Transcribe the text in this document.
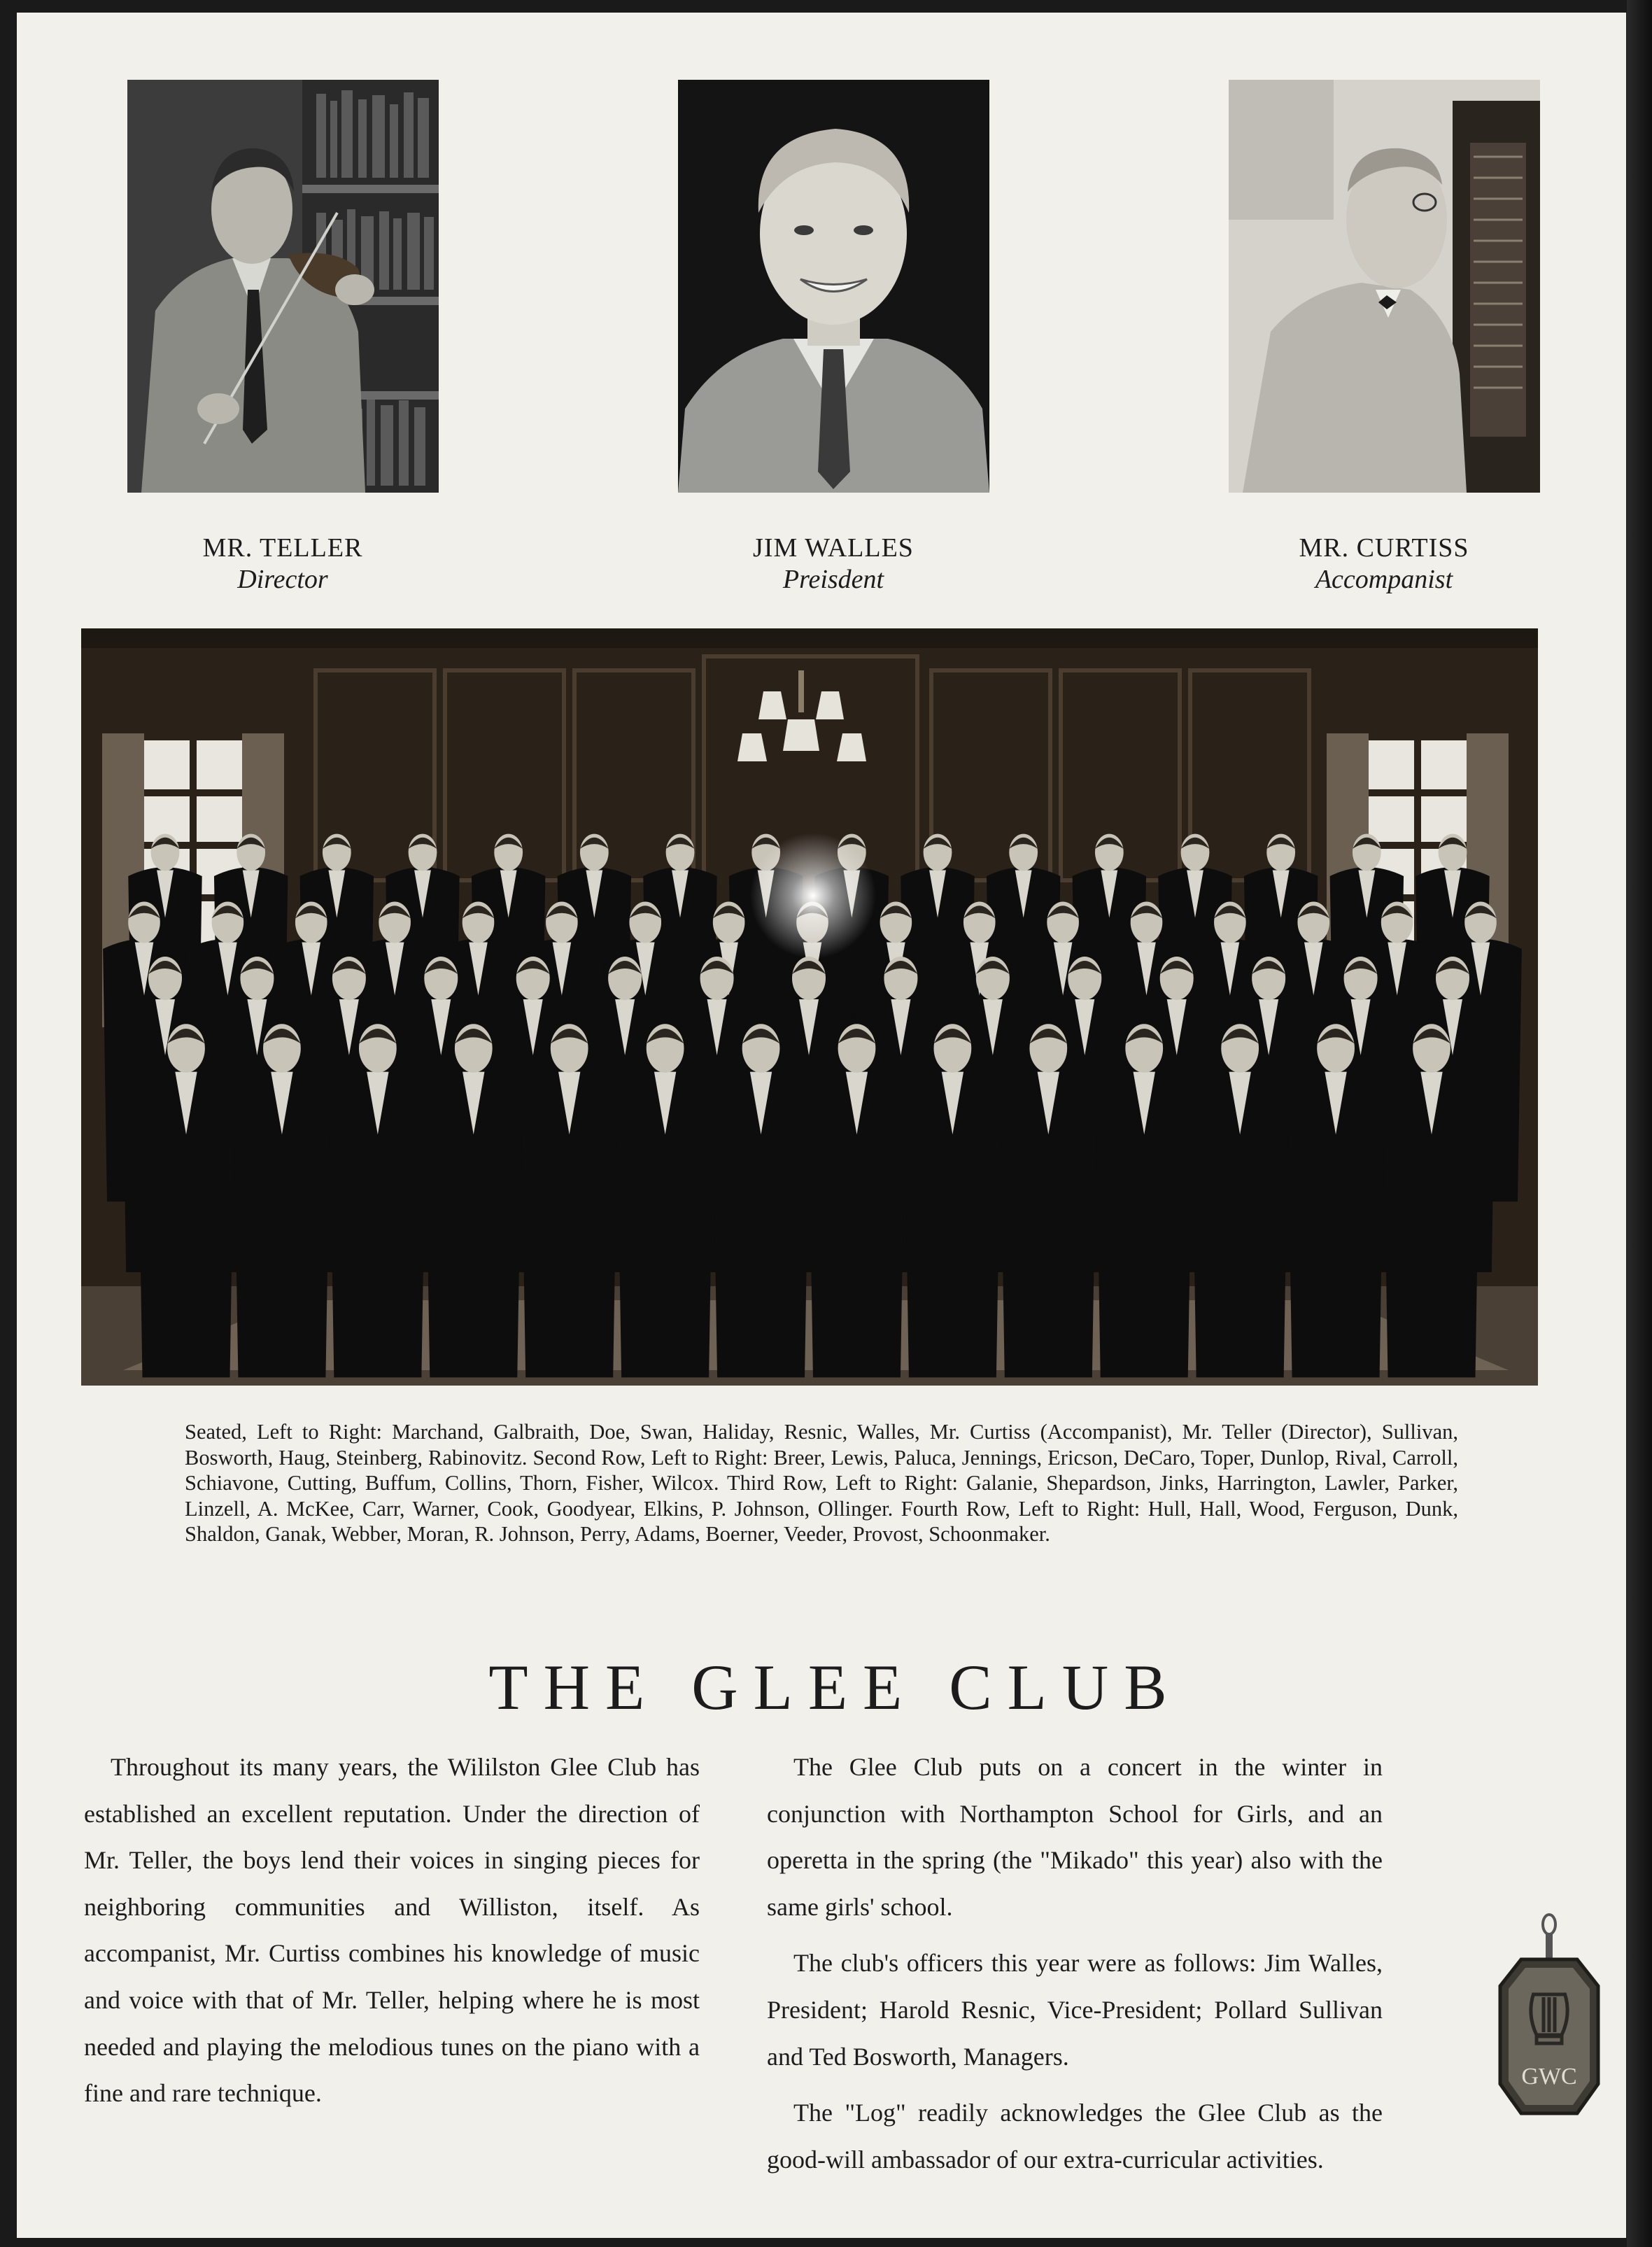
MR. TELLER
Director
JIM WALLES
Preisdent
MR. CURTISS
Accompanist
Seated, Left to Right: Marchand, Galbraith, Doe, Swan, Haliday, Resnic, Walles, Mr. Curtiss (Accompanist), Mr. Teller (Director), Sullivan, Bosworth, Haug, Steinberg, Rabinovitz. Second Row, Left to Right: Breer, Lewis, Paluca, Jennings, Ericson, DeCaro, Toper, Dunlop, Rival, Carroll, Schiavone, Cutting, Buffum, Collins, Thorn, Fisher, Wilcox. Third Row, Left to Right: Galanie, Shepardson, Jinks, Harrington, Lawler, Parker, Linzell, A. McKee, Carr, Warner, Cook, Goodyear, Elkins, P. Johnson, Ollinger. Fourth Row, Left to Right: Hull, Hall, Wood, Ferguson, Dunk, Shaldon, Ganak, Webber, Moran, R. Johnson, Perry, Adams, Boerner, Veeder, Provost, Schoonmaker.
THE GLEE CLUB

Throughout its many years, the Wililston Glee Club has established an excellent reputation. Under the direction of Mr. Teller, the boys lend their voices in singing pieces for neighboring communities and Williston, itself. As accompanist, Mr. Curtiss combines his knowledge of music and voice with that of Mr. Teller, helping where he is most needed and playing the melodious tunes on the piano with a fine and rare technique.

The Glee Club puts on a concert in the winter in conjunction with Northampton School for Girls, and an operetta in the spring (the "Mikado" this year) also with the same girls' school.

The club's officers this year were as follows: Jim Walles, President; Harold Resnic, Vice-President; Pollard Sullivan and Ted Bosworth, Managers.

The "Log" readily acknowledges the Glee Club as the good-will ambassador of our extra-curricular activities.

GWC
